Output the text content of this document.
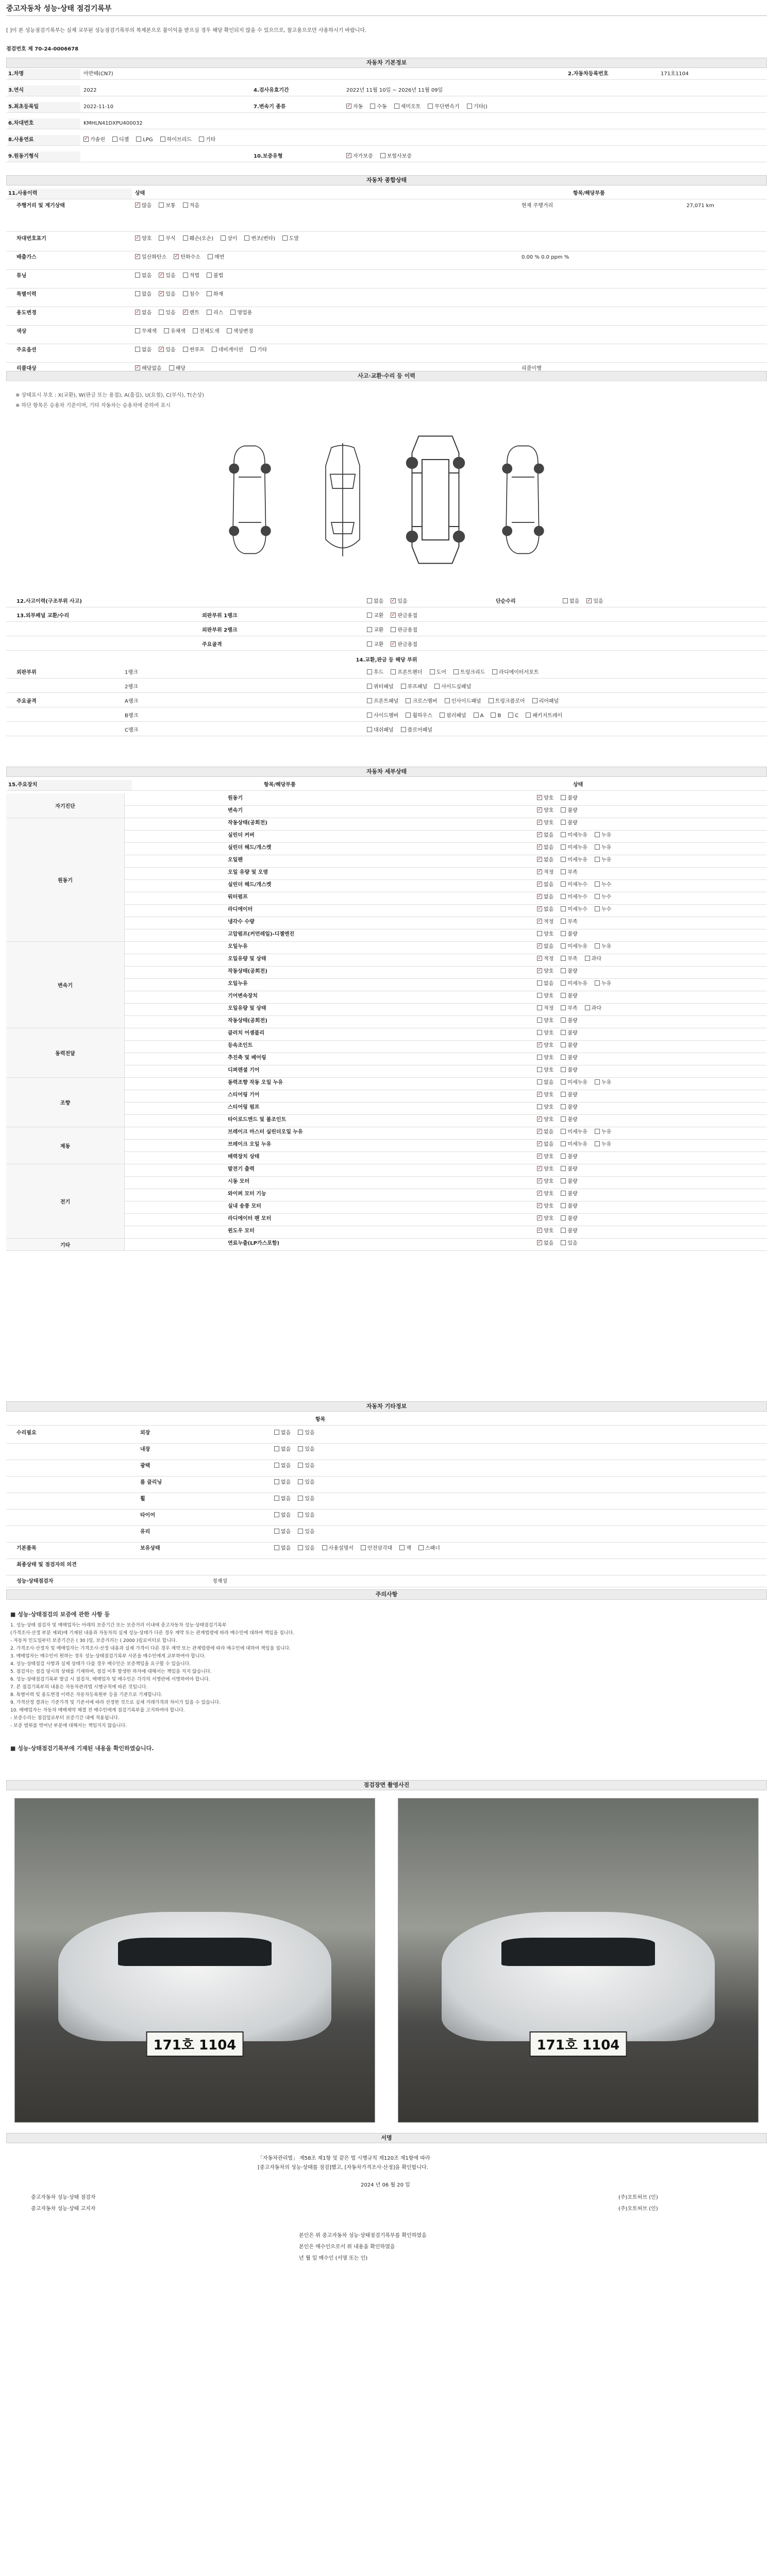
중고자동차 성능·상태 점검기록부
[ ]이 본 성능점검기록부는 실제 교부된 성능점검기록부의 복제본으로 불이익을 받으실 경우 해당 확인되지 않을 수 있으므로, 참고용으로만 사용하시기 바랍니다.
점검번호 제 70-24-0006678
자동차 기본정보
자동차 종합상태
사고·교환·수리 등 이력
※ 상태표시 부호 : X(교환), W(판금 또는 용접), A(흠집), U(요철), C(부식), T(손상)
※ 하단 항목은 승용차 기준이며, 기타 자동차는 승용차에 준하여 표시
자동차 세부상태
자동차 기타정보
주의사항
■ 성능·상태점검의 보증에 관한 사항 등
1. 성능·상태 점검자 및 매매업자는 아래의 보증기간 또는 보증거리 이내에 중고자동차 성능·상태점검기록부
(가격조사·산정 부분 제외)에 기재된 내용과 자동차의 실제 성능·상태가 다른 경우 계약 또는 관계법령에 따라 매수인에 대하여 책임을 집니다.
- 자동차 인도일부터 보증기간은 ( 30 )일, 보증거리는 ( 2000 )킬로미터로 합니다.
2. 가격조사·산정자 및 매매업자는 가격조사·산정 내용과 실제 가격이 다른 경우 계약 또는 관계법령에 따라 매수인에 대하여 책임을 집니다.
3. 매매업자는 매수인이 원하는 경우 성능·상태점검기록부 사본을 매수인에게 교부하여야 합니다.
4. 성능·상태점검 사항과 실제 상태가 다를 경우 매수인은 보증책임을 요구할 수 있습니다.
5. 점검자는 점검 당시의 상태를 기재하며, 점검 이후 발생한 하자에 대해서는 책임을 지지 않습니다.
6. 성능·상태점검기록부 발급 시 점검자, 매매업자 및 매수인은 각각의 서명란에 서명하여야 합니다.
7. 본 점검기록부의 내용은 자동차관리법 시행규칙에 따른 것입니다.
8. 특별이력 및 용도변경 이력은 자동차등록원부 등을 기준으로 기재합니다.
9. 가격산정 결과는 기준가격 및 기준서에 따라 산정한 것으로 실제 거래가격과 차이가 있을 수 있습니다.
10. 매매업자는 자동차 매매계약 체결 전 매수인에게 점검기록부를 고지하여야 합니다.
- 보증수리는 점검일로부터 보증기간 내에 적용됩니다.
- 보증 범위를 벗어난 부분에 대해서는 책임지지 않습니다.
■ 성능·상태점검기록부에 기재된 내용을 확인하였습니다.
점검장면 촬영사진
서명
「자동차관리법」 제58조 제1항 및 같은 법 시행규칙 제120조 제1항에 따라
[중고자동차의 성능·상태를 점검]했고, [자동차가격조사·산정]을 확인합니다.
2024 년 06 월 20 일
중고자동차 성능·상태 점검자	(주)오토허브 (인)
중고자동차 성능·상태 고지자	(주)오토허브 (인)
본인은 위 중고자동차 성능·상태점검기록부를 확인하였음
본인은 매수인으로서 위 내용을 확인하였음
년 월 일 매수인 (서명 또는 인)
1.차명	아반떼(CN7)	2.자동차등록번호	171호1104
3.연식	2022	4.검사유효기간	2022년 11월 10일 ~ 2026년 11월 09일
5.최초등록일	2022-11-10	7.변속기 종류 ✓	자동	수동	세미오토	무단변속기	기타()
6.차대번호	KMHLN41DXPU400032
8.사용연료 ✓	가솔린	디젤	LPG	하이브리드	기타
9.원동기형식	10.보증유형 ✓	자가보증	보험사보증
11.사용이력	상태	항목/해당부품
주행거리 및 계기상태 ✓	많음	보통	적음	현재 주행거리	27,071 km
차대번호표기 ✓	양호	부식	훼손(오손)	상이	변조(변타)	도말
배출가스 ✓	일산화탄소 ✓	탄화수소	매연	0.00 % 0.0 ppm %
튜닝	없음 ✓	있음	적법	불법
특별이력	없음 ✓	있음	침수	화재
용도변경 ✓	없음	있음 ✓	렌트	리스	영업용
색상	무채색	유채색	전체도색	색상변경
주요옵션	없음 ✓	있음	썬루프	네비게이션	기타
리콜대상 ✓	해당없음	해당	리콜이행
12.사고이력(구조부위 사고)	없음 ✓	있음	단순수리	없음 ✓	있음
13.외부패널 교환/수리	외판부위 1랭크	교환 ✓	판금용접
외판부위 2랭크	교환	판금용접
주요골격	교환 ✓	판금용접
14.교환,판금 등 해당 부위
외판부위	1랭크	후드	프론트펜더	도어	트렁크리드	라디에이터서포트
2랭크	쿼터패널	루프패널	사이드실패널
주요골격	A랭크	프론트패널	크로스멤버	인사이드패널	트렁크플로어	리어패널
B랭크	사이드멤버	휠하우스	필러패널	A	B	C	패키지트레이
C랭크	대쉬패널	플로어패널
15.주요장치	항목/해당부품	상태
자기진단
원동기 ✓	양호	불량
변속기 ✓	양호	불량
원동기
작동상태(공회전) ✓	양호	불량
실린더 커버 ✓	없음	미세누유	누유
실린더 헤드/개스켓 ✓	없음	미세누유	누유
오일팬 ✓	없음	미세누유	누유
오일 유량 및 오염 ✓	적정	부족
실린더 헤드/개스켓 ✓	없음	미세누수	누수
워터펌프 ✓	없음	미세누수	누수
라디에이터 ✓	없음	미세누수	누수
냉각수 수량 ✓	적정	부족
고압펌프(커먼레일)-디젤엔진	양호	불량
변속기
오일누유 ✓	없음	미세누유	누유
오일유량 및 상태 ✓	적정	부족	과다
작동상태(공회전) ✓	양호	불량
오일누유	없음	미세누유	누유
기어변속장치	양호	불량
오일유량 및 상태	적정	부족	과다
작동상태(공회전)	양호	불량
동력전달
클러치 어셈블리	양호	불량
등속조인트 ✓	양호	불량
추진축 및 베어링	양호	불량
디퍼렌셜 기어	양호	불량
조향
동력조향 작동 오일 누유	없음	미세누유	누유
스티어링 기어 ✓	양호	불량
스티어링 펌프	양호	불량
타이로드엔드 및 볼조인트 ✓	양호	불량
제동
브레이크 마스터 실린더오일 누유 ✓	없음	미세누유	누유
브레이크 오일 누유 ✓	없음	미세누유	누유
배력장치 상태 ✓	양호	불량
전기
발전기 출력 ✓	양호	불량
시동 모터 ✓	양호	불량
와이퍼 모터 기능 ✓	양호	불량
실내 송풍 모터 ✓	양호	불량
라디에이터 팬 모터 ✓	양호	불량
윈도우 모터 ✓	양호	불량
기타	연료누출(LP가스포함) ✓	없음	있음
항목
수리필요	외장	없음	있음
내장	없음	있음
광택	없음	있음
룸 클리닝	없음	있음
휠	없음	있음
타이어	없음	있음
유리	없음	있음
기본품목	보유상태	없음	있음	사용설명서	안전삼각대	잭	스패너
최종상태 및 점검자의 의견
성능·상태점검자	정재성
171호 1104	171호 1104
